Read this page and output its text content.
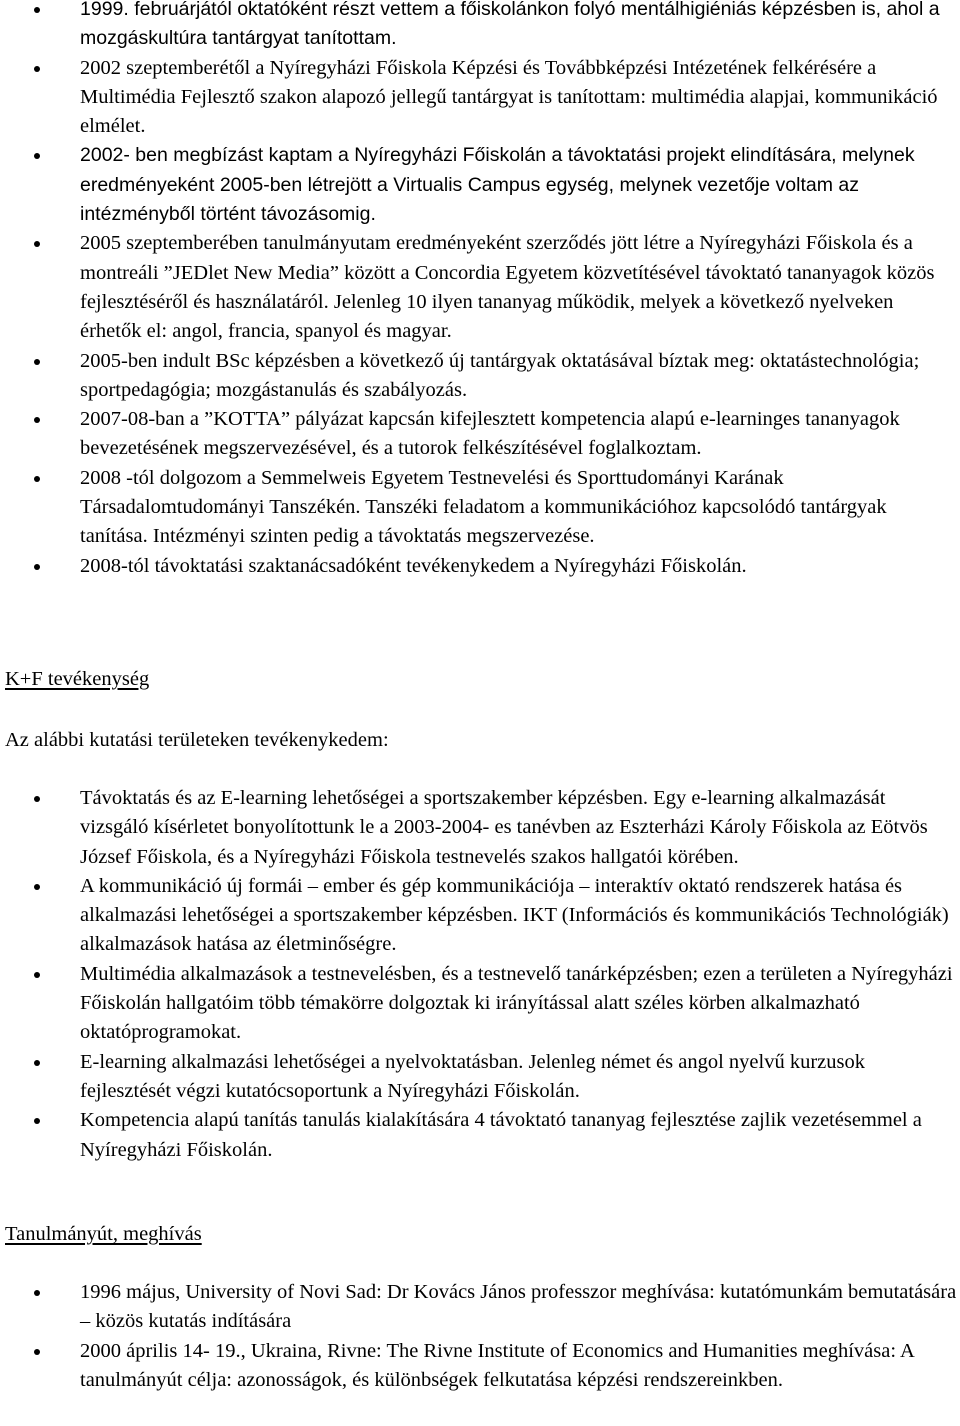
1999. februárjától oktatóként részt vettem a főiskolánkon folyó mentálhigiéniás képzésben is, ahol a mozgáskultúra tantárgyat tanítottam.
2002 szeptemberétől a Nyíregyházi Főiskola Képzési és Továbbképzési Intézetének felkérésére a Multimédia Fejlesztő szakon alapozó jellegű tantárgyat is tanítottam: multimédia alapjai, kommunikáció elmélet.
2002- ben megbízást kaptam a Nyíregyházi Főiskolán a távoktatási projekt elindítására, melynek eredményeként 2005-ben létrejött a Virtualis Campus egység, melynek vezetője voltam az intézményből történt távozásomig.
2005 szeptemberében tanulmányutam eredményeként szerződés jött létre a Nyíregyházi Főiskola és a montreáli ”JEDlet New Media” között a Concordia Egyetem közvetítésével távoktató tananyagok közös fejlesztéséről és használatáról. Jelenleg 10 ilyen tananyag működik, melyek a következő nyelveken érhetők el: angol, francia, spanyol és magyar.
2005-ben indult BSc képzésben a következő új tantárgyak oktatásával bíztak meg: oktatástechnológia; sportpedagógia; mozgástanulás és szabályozás.
2007-08-ban a ”KOTTA” pályázat kapcsán kifejlesztett kompetencia alapú e-learninges tananyagok bevezetésének megszervezésével, és a tutorok felkészítésével foglalkoztam.
2008 -tól dolgozom a Semmelweis Egyetem Testnevelési és Sporttudományi Karának Társadalomtudományi Tanszékén. Tanszéki feladatom a kommunikációhoz kapcsolódó tantárgyak tanítása. Intézményi szinten pedig a távoktatás megszervezése.
2008-tól távoktatási szaktanácsadóként tevékenykedem a Nyíregyházi Főiskolán.
K+F tevékenység
Az alábbi kutatási területeken tevékenykedem:
Távoktatás és az E-learning lehetőségei a sportszakember képzésben. Egy e-learning alkalmazását vizsgáló kísérletet bonyolítottunk le a 2003-2004- es tanévben az Eszterházi Károly Főiskola az Eötvös József Főiskola, és a Nyíregyházi Főiskola testnevelés szakos hallgatói körében.
A kommunikáció új formái – ember és gép kommunikációja – interaktív oktató rendszerek hatása és alkalmazási lehetőségei a sportszakember képzésben. IKT (Információs és kommunikációs Technológiák) alkalmazások hatása az életminőségre.
Multimédia alkalmazások a testnevelésben, és a testnevelő tanárképzésben; ezen a területen a Nyíregyházi Főiskolán hallgatóim több témakörre dolgoztak ki irányítással alatt széles körben alkalmazható oktatóprogramokat.
E-learning alkalmazási lehetőségei a nyelvoktatásban. Jelenleg német és angol nyelvű kurzusok fejlesztését végzi kutatócsoportunk a Nyíregyházi Főiskolán.
Kompetencia alapú tanítás tanulás kialakítására 4 távoktató tananyag fejlesztése zajlik vezetésemmel a Nyíregyházi Főiskolán.
Tanulmányút, meghívás
1996 május, University of Novi Sad: Dr Kovács János professzor meghívása: kutatómunkám bemutatására – közös kutatás indítására
2000 április 14- 19., Ukraina, Rivne: The Rivne Institute of Economics and Humanities meghívása: A tanulmányút célja: azonosságok, és különbségek felkutatása képzési rendszereinkben.
